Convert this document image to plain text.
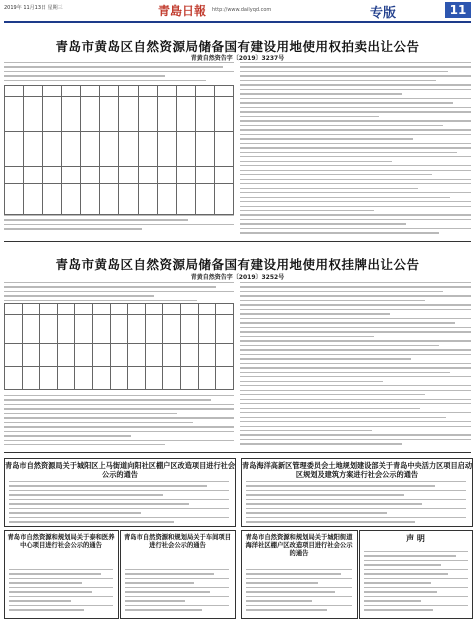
2019年 11月13日 星期三	青島日報 http://www.dailyqd.com	专版	11
青岛市黄岛区自然资源局储备国有建设用地使用权拍卖出让公告
青黄自然资告字〔2019〕3237号

青岛市黄岛区自然资源局储备国有建设用地使用权挂牌出让公告
青黄自然资告字〔2019〕3252号

青岛市自然资源局关于城阳区上马街道向阳社区棚户区改造项目进行社会公示的通告
青岛海洋高新区管理委员会土地规划建设部关于青岛中央活力区项目启动区规划及建筑方案进行社会公示的通告
青岛市自然资源和规划局关于泰和医养中心项目进行社会公示的通告
青岛市自然资源和规划局关于车间项目进行社会公示的通告
青岛市自然资源和规划局关于城阳街道海洋社区棚户区改造项目进行社会公示的通告
声 明
